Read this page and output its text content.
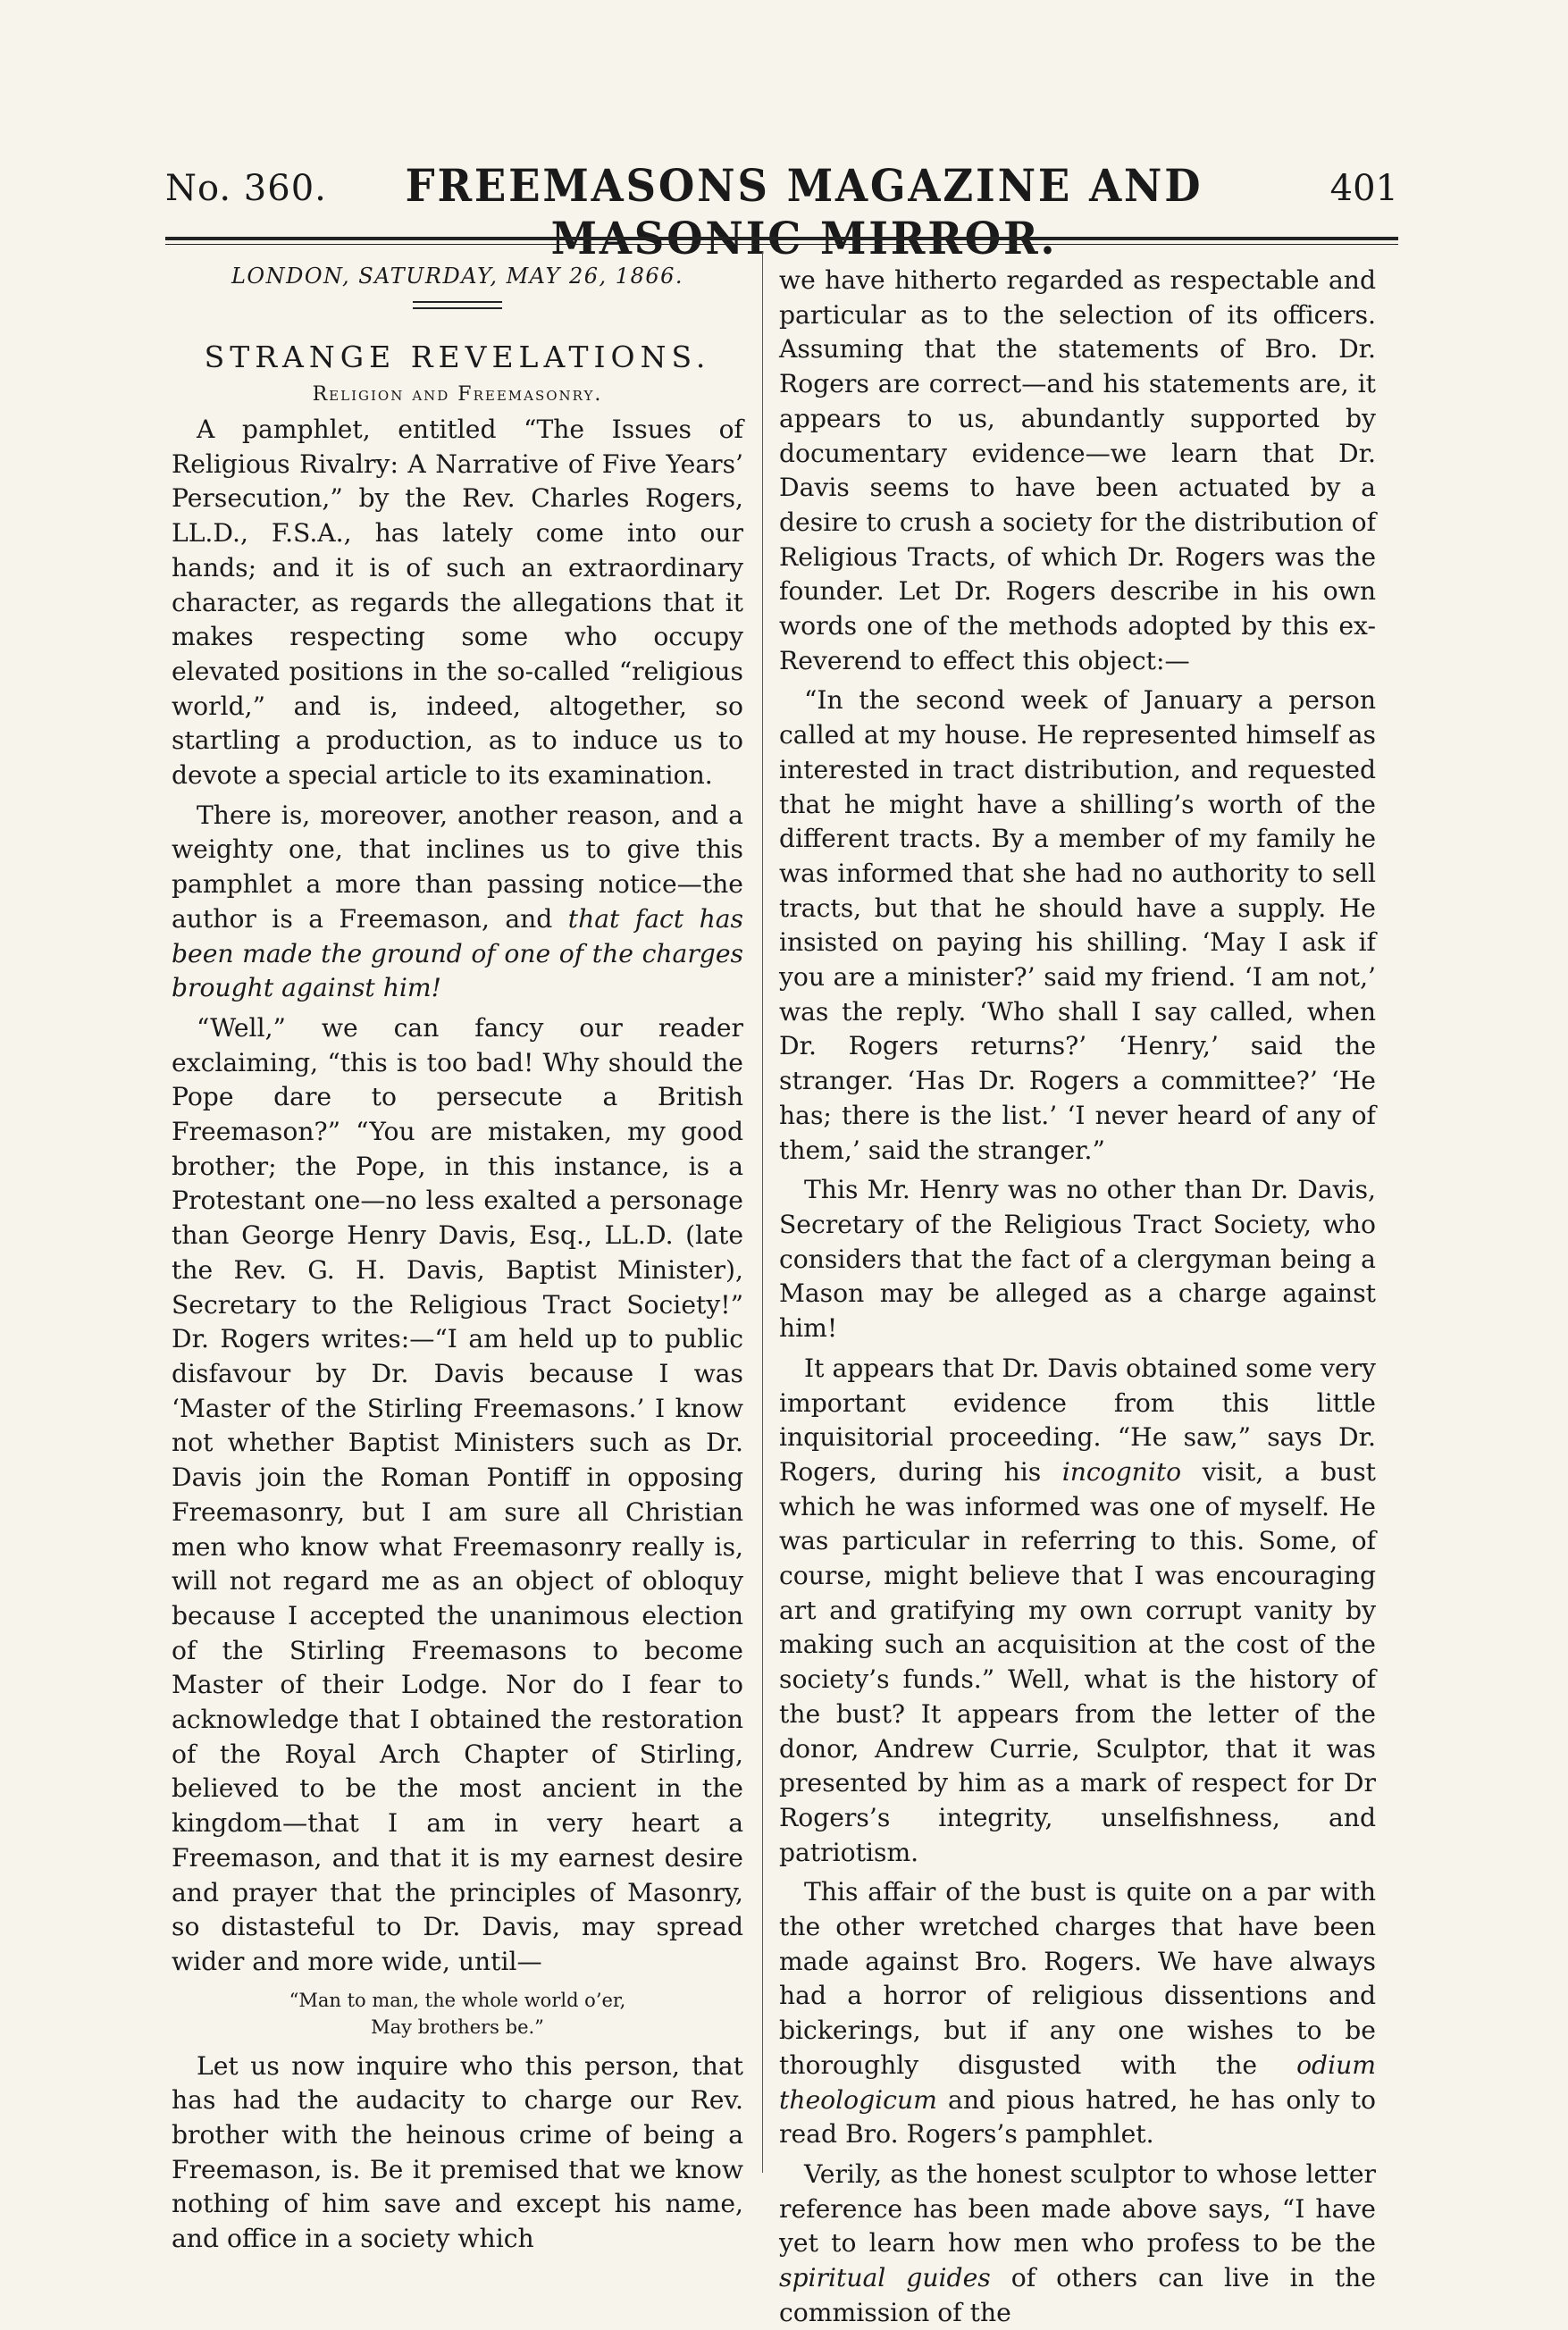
No. 360.	FREEMASONS MAGAZINE AND	401
LONDON, SATURDAY, MAY 26, 1866.
STRANGE REVELATIONS.
Religion and Freemasonry.

A pamphlet, entitled “The Issues of Religious Rivalry: A Narrative of Five Years’ Persecution,” by the Rev. Charles Rogers, LL.D., F.S.A., has lately come into our hands; and it is of such an extraordinary character, as regards the allegations that it makes respecting some who occupy elevated positions in the so-called “religious world,” and is, indeed, altogether, so startling a production, as to induce us to devote a special article to its examination.

There is, moreover, another reason, and a weighty one, that inclines us to give this pamphlet a more than passing notice—the author is a Freemason, and that fact has been made the ground of one of the charges brought against him!

“Well,” we can fancy our reader exclaiming, “this is too bad! Why should the Pope dare to persecute a British Freemason?” “You are mistaken, my good brother; the Pope, in this instance, is a Protestant one—no less exalted a personage than George Henry Davis, Esq., LL.D. (late the Rev. G. H. Davis, Baptist Minister), Secretary to the Religious Tract Society!” Dr. Rogers writes:—“I am held up to public disfavour by Dr. Davis because I was ‘Master of the Stirling Freemasons.’ I know not whether Baptist Ministers such as Dr. Davis join the Roman Pontiff in opposing Freemasonry, but I am sure all Christian men who know what Freemasonry really is, will not regard me as an object of obloquy because I accepted the unanimous election of the Stirling Freemasons to become Master of their Lodge. Nor do I fear to acknowledge that I obtained the restoration of the Royal Arch Chapter of Stirling, believed to be the most ancient in the kingdom—that I am in very heart a Freemason, and that it is my earnest desire and prayer that the principles of Masonry, so distasteful to Dr. Davis, may spread wider and more wide, until—

“Man to man, the whole world o’er,
May brothers be.”

Let us now inquire who this person, that has had the audacity to charge our Rev. brother with the heinous crime of being a Freemason, is. Be it premised that we know nothing of him save and except his name, and office in a society which

we have hitherto regarded as respectable and particular as to the selection of its officers. Assuming that the statements of Bro. Dr. Rogers are correct—and his statements are, it appears to us, abundantly supported by documentary evidence—we learn that Dr. Davis seems to have been actuated by a desire to crush a society for the distribution of Religious Tracts, of which Dr. Rogers was the founder. Let Dr. Rogers describe in his own words one of the methods adopted by this ex-Reverend to effect this object:—

“In the second week of January a person called at my house. He represented himself as interested in tract distribution, and requested that he might have a shilling’s worth of the different tracts. By a member of my family he was informed that she had no authority to sell tracts, but that he should have a supply. He insisted on paying his shilling. ‘May I ask if you are a minister?’ said my friend. ‘I am not,’ was the reply. ‘Who shall I say called, when Dr. Rogers returns?’ ‘Henry,’ said the stranger. ‘Has Dr. Rogers a committee?’ ‘He has; there is the list.’ ‘I never heard of any of them,’ said the stranger.”

This Mr. Henry was no other than Dr. Davis, Secretary of the Religious Tract Society, who considers that the fact of a clergyman being a Mason may be alleged as a charge against him!

It appears that Dr. Davis obtained some very important evidence from this little inquisitorial proceeding. “He saw,” says Dr. Rogers, during his incognito visit, a bust which he was informed was one of myself. He was particular in referring to this. Some, of course, might believe that I was encouraging art and gratifying my own corrupt vanity by making such an acquisition at the cost of the society’s funds.” Well, what is the history of the bust? It appears from the letter of the donor, Andrew Currie, Sculptor, that it was presented by him as a mark of respect for Dr Rogers’s integrity, unselfishness, and patriotism.

This affair of the bust is quite on a par with the other wretched charges that have been made against Bro. Rogers. We have always had a horror of religious dissentions and bickerings, but if any one wishes to be thoroughly disgusted with the odium theologicum and pious hatred, he has only to read Bro. Rogers’s pamphlet.

Verily, as the honest sculptor to whose letter reference has been made above says, “I have yet to learn how men who profess to be the spiritual guides of others can live in the commission of the
